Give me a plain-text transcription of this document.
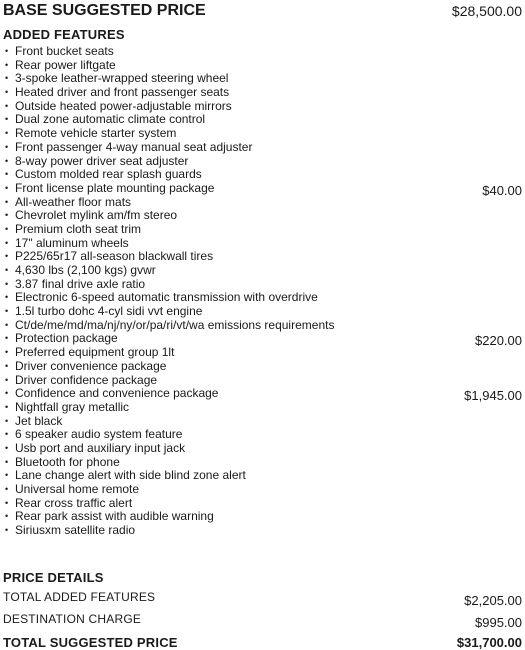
BASE SUGGESTED PRICE	$28,500.00
ADDED FEATURES
• Front bucket seats
• Rear power liftgate
• 3-spoke leather-wrapped steering wheel
• Heated driver and front passenger seats
• Outside heated power-adjustable mirrors
• Dual zone automatic climate control
• Remote vehicle starter system
• Front passenger 4-way manual seat adjuster
• 8-way power driver seat adjuster
• Custom molded rear splash guards
• Front license plate mounting package	$40.00
• All-weather floor mats
• Chevrolet mylink am/fm stereo
• Premium cloth seat trim
• 17" aluminum wheels
• P225/65r17 all-season blackwall tires
• 4,630 lbs (2,100 kgs) gvwr
• 3.87 final drive axle ratio
• Electronic 6-speed automatic transmission with overdrive
• 1.5l turbo dohc 4-cyl sidi vvt engine
• Ct/de/me/md/ma/nj/ny/or/pa/ri/vt/wa emissions requirements
• Protection package	$220.00
• Preferred equipment group 1lt
• Driver convenience package
• Driver confidence package
• Confidence and convenience package	$1,945.00
• Nightfall gray metallic
• Jet black
• 6 speaker audio system feature
• Usb port and auxiliary input jack
• Bluetooth for phone
• Lane change alert with side blind zone alert
• Universal home remote
• Rear cross traffic alert
• Rear park assist with audible warning
• Siriusxm satellite radio
PRICE DETAILS
TOTAL ADDED FEATURES	$2,205.00
DESTINATION CHARGE	$995.00
TOTAL SUGGESTED PRICE	$31,700.00
